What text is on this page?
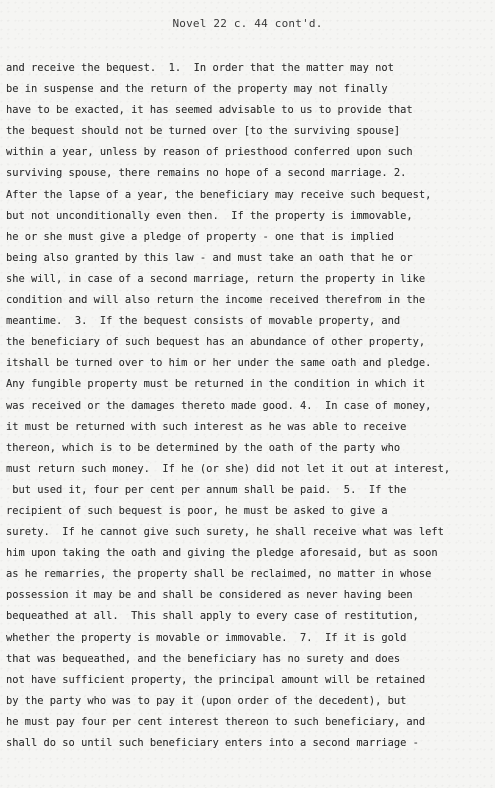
Novel 22 c. 44 cont'd.
and receive the bequest.  1.  In order that the matter may not
be in suspense and the return of the property may not finally
have to be exacted, it has seemed advisable to us to provide that
the bequest should not be turned over [to the surviving spouse]
within a year, unless by reason of priesthood conferred upon such
surviving spouse, there remains no hope of a second marriage. 2.
After the lapse of a year, the beneficiary may receive such bequest,
but not unconditionally even then.  If the property is immovable,
he or she must give a pledge of property - one that is implied
being also granted by this law - and must take an oath that he or
she will, in case of a second marriage, return the property in like
condition and will also return the income received therefrom in the
meantime.  3.  If the bequest consists of movable property, and
the beneficiary of such bequest has an abundance of other property,
itshall be turned over to him or her under the same oath and pledge.
Any fungible property must be returned in the condition in which it
was received or the damages thereto made good. 4.  In case of money,
it must be returned with such interest as he was able to receive
thereon, which is to be determined by the oath of the party who
must return such money.  If he (or she) did not let it out at interest,
but used it, four per cent per annum shall be paid.  5.  If the
recipient of such bequest is poor, he must be asked to give a
surety.  If he cannot give such surety, he shall receive what was left
him upon taking the oath and giving the pledge aforesaid, but as soon
as he remarries, the property shall be reclaimed, no matter in whose
possession it may be and shall be considered as never having been
bequeathed at all.  This shall apply to every case of restitution,
whether the property is movable or immovable.  7.  If it is gold
that was bequeathed, and the beneficiary has no surety and does
not have sufficient property, the principal amount will be retained
by the party who was to pay it (upon order of the decedent), but
he must pay four per cent interest thereon to such beneficiary, and
shall do so until such beneficiary enters into a second marriage -
